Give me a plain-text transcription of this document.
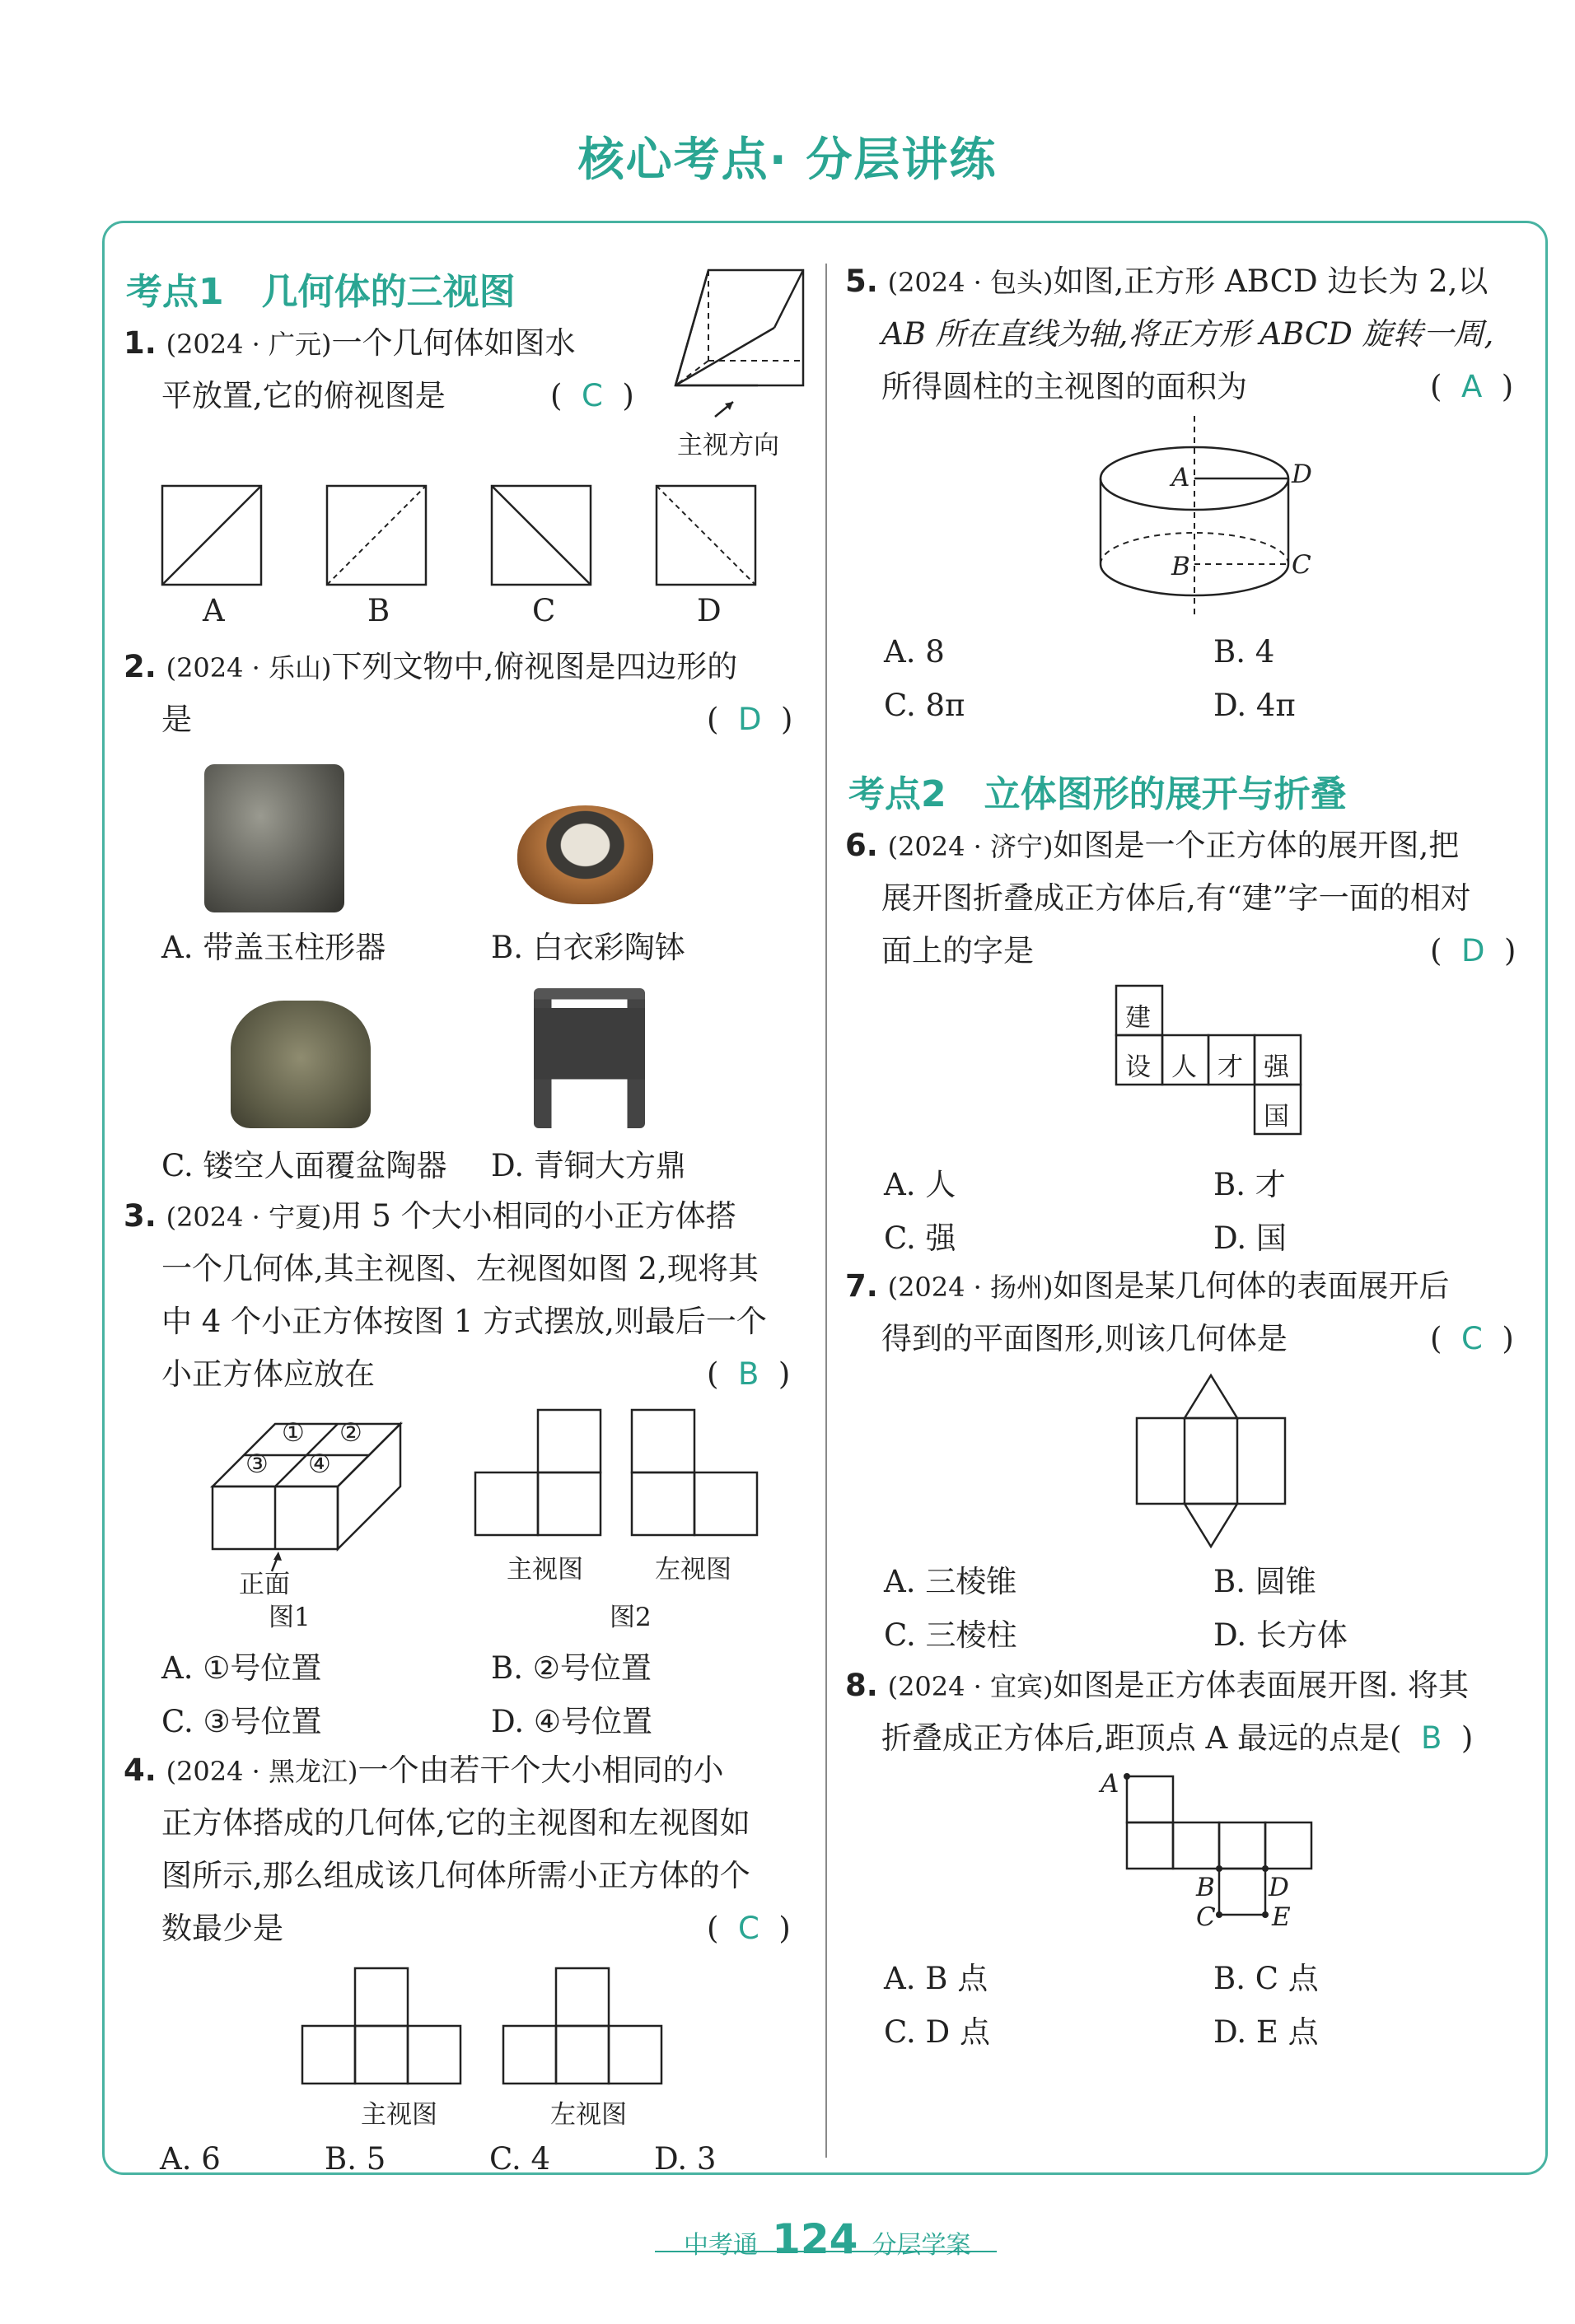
核心考点· 分层讲练
考点1 几何体的三视图
1. (2024 · 广元)一个几何体如图水
平放置,它的俯视图是	(  C  )
主视方向
A	B	C	D
2. (2024 · 乐山)下列文物中,俯视图是四边形的
是	(  D  )
A. 带盖玉柱形器	B. 白衣彩陶钵
C. 镂空人面覆盆陶器 D. 青铜大方鼎
3. (2024 · 宁夏)用 5 个大小相同的小正方体搭
一个几何体,其主视图、左视图如图 2,现将其
中 4 个小正方体按图 1 方式摆放,则最后一个
小正方体应放在	(  B  )
① ②
③ ④
正面
图1
主视图	左视图
图2
A. ①号位置	B. ②号位置
C. ③号位置	D. ④号位置
4. (2024 · 黑龙江)一个由若干个大小相同的小
正方体搭成的几何体,它的主视图和左视图如
图所示,那么组成该几何体所需小正方体的个
数最少是	(  C  )
主视图	左视图
A. 6	B. 5	C. 4	D. 3
5. (2024 · 包头)如图,正方形 ABCD 边长为 2,以
AB 所在直线为轴,将正方形 ABCD 旋转一周,
所得圆柱的主视图的面积为	(  A  )
A	D
B	C
A. 8	B. 4
C. 8π	D. 4π
考点2 立体图形的展开与折叠
6. (2024 · 济宁)如图是一个正方体的展开图,把
展开图折叠成正方体后,有“建”字一面的相对
面上的字是	(  D  )
建
设 人 才 强
国
A. 人	B. 才
C. 强	D. 国
7. (2024 · 扬州)如图是某几何体的表面展开后
得到的平面图形,则该几何体是	(  C  )
A. 三棱锥	B. 圆锥
C. 三棱柱	D. 长方体
8. (2024 · 宜宾)如图是正方体表面展开图. 将其
折叠成正方体后,距顶点 A 最远的点是( B  )
A
B D
C E
A. B 点	B. C 点
C. D 点	D. E 点
中考通 124 分层学案
